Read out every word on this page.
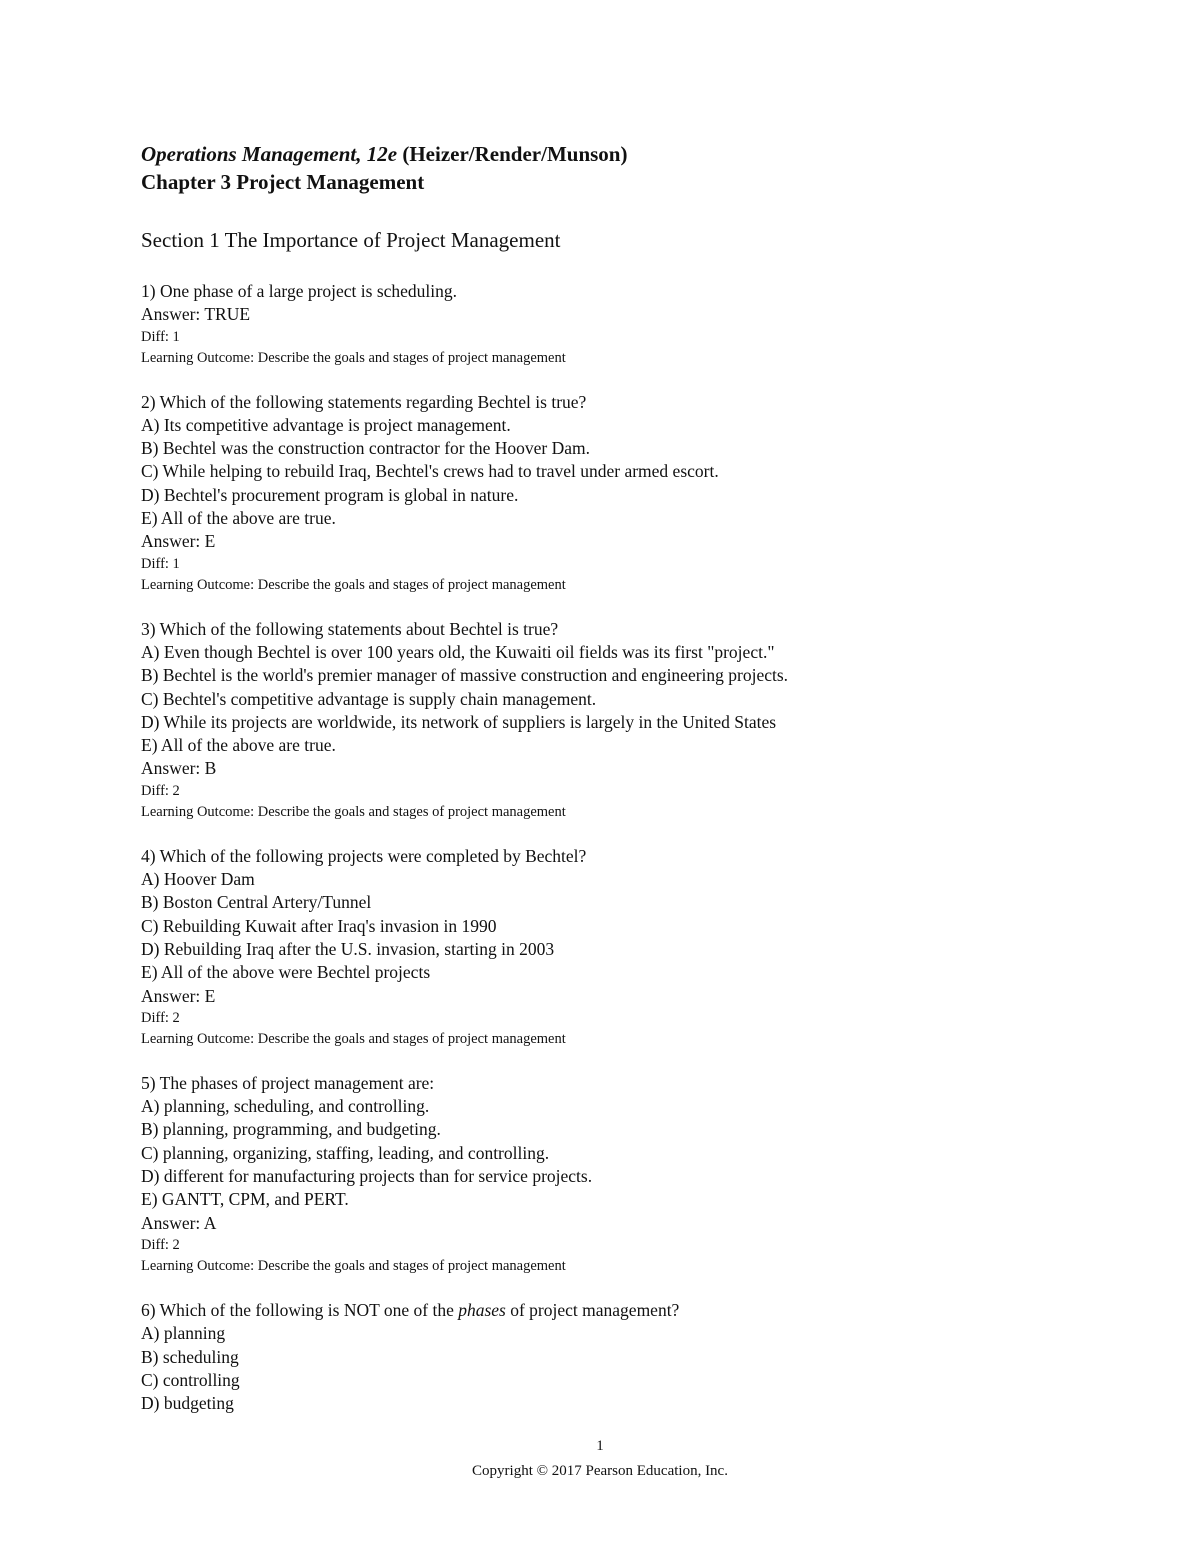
Operations Management, 12e (Heizer/Render/Munson)
Chapter 3 Project Management
Section 1 The Importance of Project Management
1) One phase of a large project is scheduling.
Answer: TRUE
Diff: 1
Learning Outcome: Describe the goals and stages of project management
2) Which of the following statements regarding Bechtel is true?
A) Its competitive advantage is project management.
B) Bechtel was the construction contractor for the Hoover Dam.
C) While helping to rebuild Iraq, Bechtel's crews had to travel under armed escort.
D) Bechtel's procurement program is global in nature.
E) All of the above are true.
Answer: E
Diff: 1
Learning Outcome: Describe the goals and stages of project management
3) Which of the following statements about Bechtel is true?
A) Even though Bechtel is over 100 years old, the Kuwaiti oil fields was its first "project."
B) Bechtel is the world's premier manager of massive construction and engineering projects.
C) Bechtel's competitive advantage is supply chain management.
D) While its projects are worldwide, its network of suppliers is largely in the United States
E) All of the above are true.
Answer: B
Diff: 2
Learning Outcome: Describe the goals and stages of project management
4) Which of the following projects were completed by Bechtel?
A) Hoover Dam
B) Boston Central Artery/Tunnel
C) Rebuilding Kuwait after Iraq's invasion in 1990
D) Rebuilding Iraq after the U.S. invasion, starting in 2003
E) All of the above were Bechtel projects
Answer: E
Diff: 2
Learning Outcome: Describe the goals and stages of project management
5) The phases of project management are:
A) planning, scheduling, and controlling.
B) planning, programming, and budgeting.
C) planning, organizing, staffing, leading, and controlling.
D) different for manufacturing projects than for service projects.
E) GANTT, CPM, and PERT.
Answer: A
Diff: 2
Learning Outcome: Describe the goals and stages of project management
6) Which of the following is NOT one of the phases of project management?
A) planning
B) scheduling
C) controlling
D) budgeting
1
Copyright © 2017 Pearson Education, Inc.
